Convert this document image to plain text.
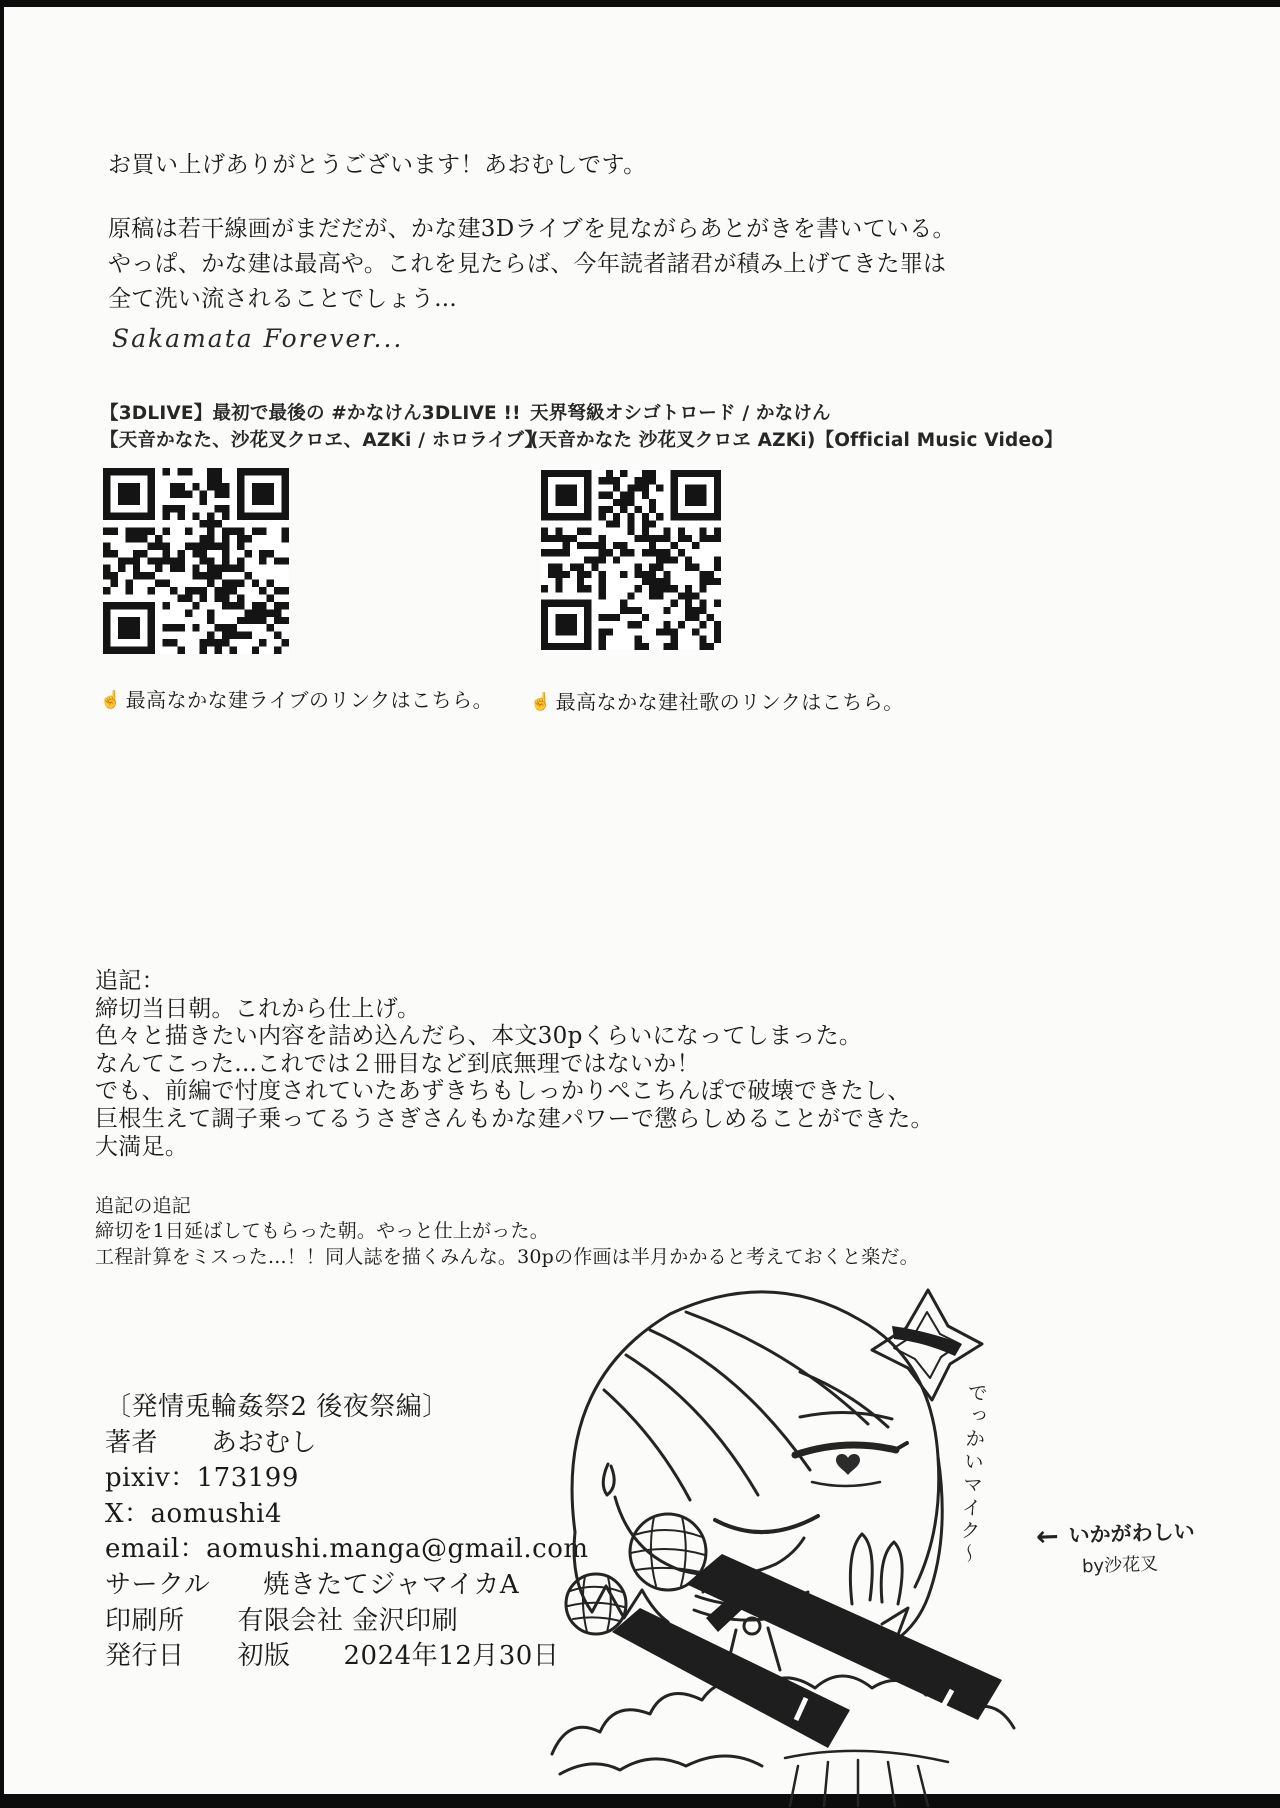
お買い上げありがとうございます！あおむしです。

原稿は若干線画がまだだが、かな建3Dライブを見ながらあとがきを書いている。
やっぱ、かな建は最高や。これを見たらば、今年読者諸君が積み上げてきた罪は
全て洗い流されることでしょう...

Sakamata Forever...

【3DLIVE】最初で最後の #かなけん3DLIVE !!
【天音かなた、沙花叉クロヱ、AZKi / ホロライブ】
☝ 最高なかな建ライブのリンクはこちら。
天界弩級オシゴトロード / かなけん
(天音かなた 沙花叉クロヱ AZKi)【Official Music Video】
☝ 最高なかな建社歌のリンクはこちら。
追記：
締切当日朝。これから仕上げ。
色々と描きたい内容を詰め込んだら、本文30pくらいになってしまった。
なんてこった...これでは２冊目など到底無理ではないか！
でも、前編で忖度されていたあずきちもしっかりぺこちんぽで破壊できたし、
巨根生えて調子乗ってるうさぎさんもかな建パワーで懲らしめることができた。
大満足。
追記の追記
締切を1日延ばしてもらった朝。やっと仕上がった。
工程計算をミスった...！！同人誌を描くみんな。30pの作画は半月かかると考えておくと楽だ。
〔発情兎輪姦祭2 後夜祭編〕
著者　　あおむし
pixiv：173199
X：aomushi4
email：aomushi.manga@gmail.com
サークル　　焼きたてジャマイカA
印刷所　　有限会社 金沢印刷
発行日　　初版　　2024年12月30日
でっかいマイク〜 ← いかがわしい
by沙花叉
